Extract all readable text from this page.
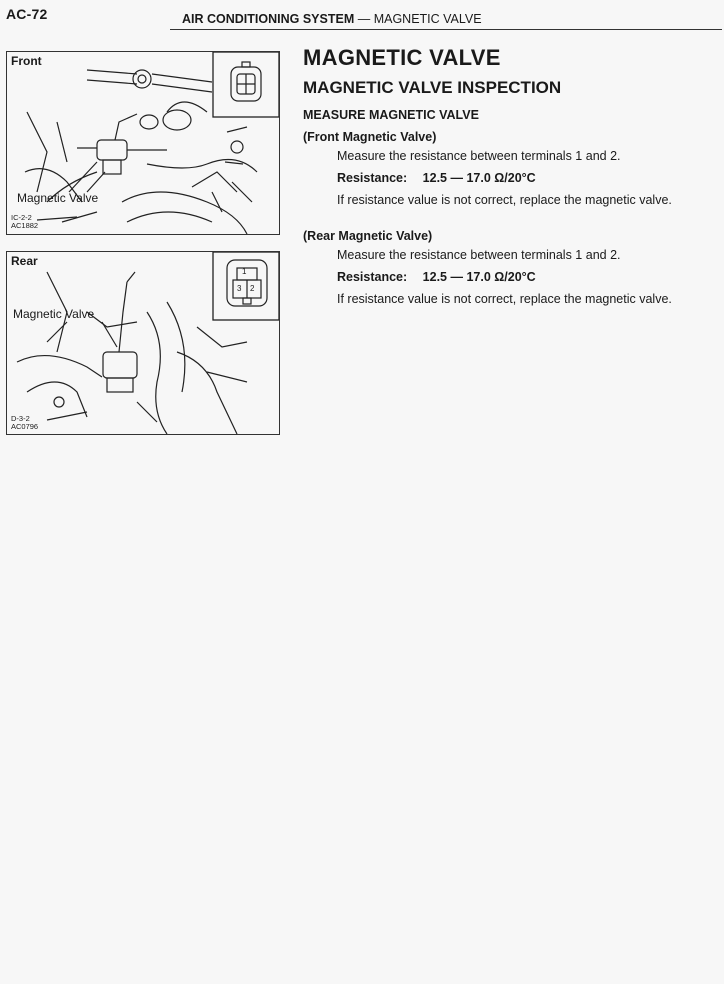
AC-72	AIR CONDITIONING SYSTEM — MAGNETIC VALVE
Front
Magnetic Valve
IC-2-2
AC1882
Rear
Magnetic Valve
1
3 2
D-3-2
AC0796
MAGNETIC VALVE
MAGNETIC VALVE INSPECTION
MEASURE MAGNETIC VALVE
(Front Magnetic Valve)
Measure the resistance between terminals 1 and 2.
Resistance: 12.5 — 17.0 Ω/20°C
If resistance value is not correct, replace the magnetic valve.
(Rear Magnetic Valve)
Measure the resistance between terminals 1 and 2.
Resistance: 12.5 — 17.0 Ω/20°C
If resistance value is not correct, replace the magnetic valve.
